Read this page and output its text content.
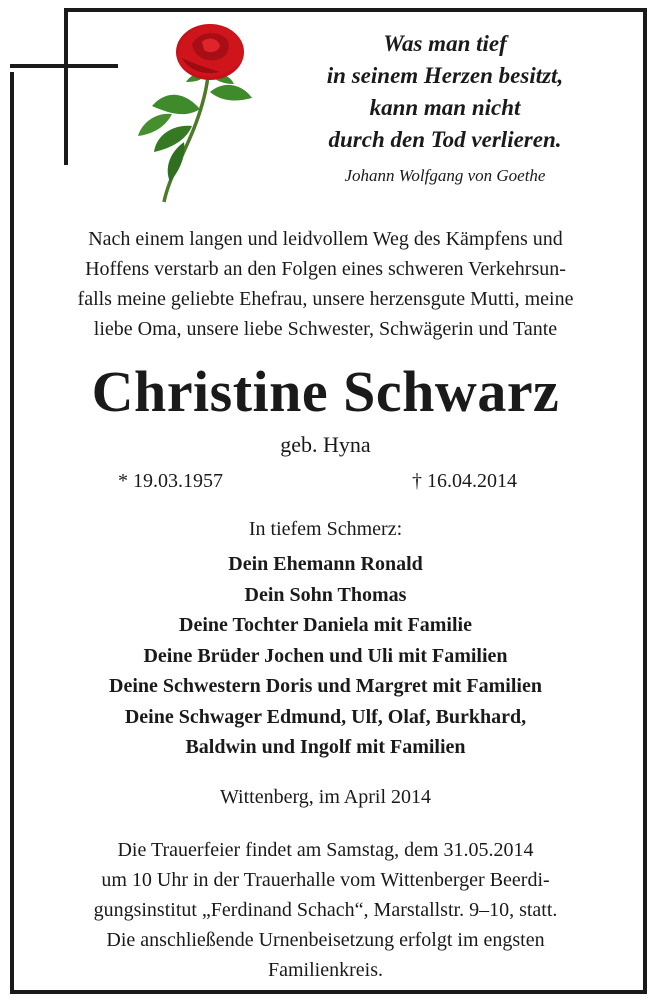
Was man tief
in seinem Herzen besitzt,
kann man nicht
durch den Tod verlieren.
Johann Wolfgang von Goethe
Nach einem langen und leidvollem Weg des Kämpfens und
Hoffens verstarb an den Folgen eines schweren Verkehrsun-
falls meine geliebte Ehefrau, unsere herzensgute Mutti, meine
liebe Oma, unsere liebe Schwester, Schwägerin und Tante
Christine Schwarz
geb. Hyna
* 19.03.1957	† 16.04.2014
In tiefem Schmerz:
Dein Ehemann Ronald
Dein Sohn Thomas
Deine Tochter Daniela mit Familie
Deine Brüder Jochen und Uli mit Familien
Deine Schwestern Doris und Margret mit Familien
Deine Schwager Edmund, Ulf, Olaf, Burkhard,
Baldwin und Ingolf mit Familien
Wittenberg, im April 2014
Die Trauerfeier findet am Samstag, dem 31.05.2014
um 10 Uhr in der Trauerhalle vom Wittenberger Beerdi-
gungsinstitut „Ferdinand Schach“, Marstallstr. 9–10, statt.
Die anschließende Urnenbeisetzung erfolgt im engsten
Familienkreis.
